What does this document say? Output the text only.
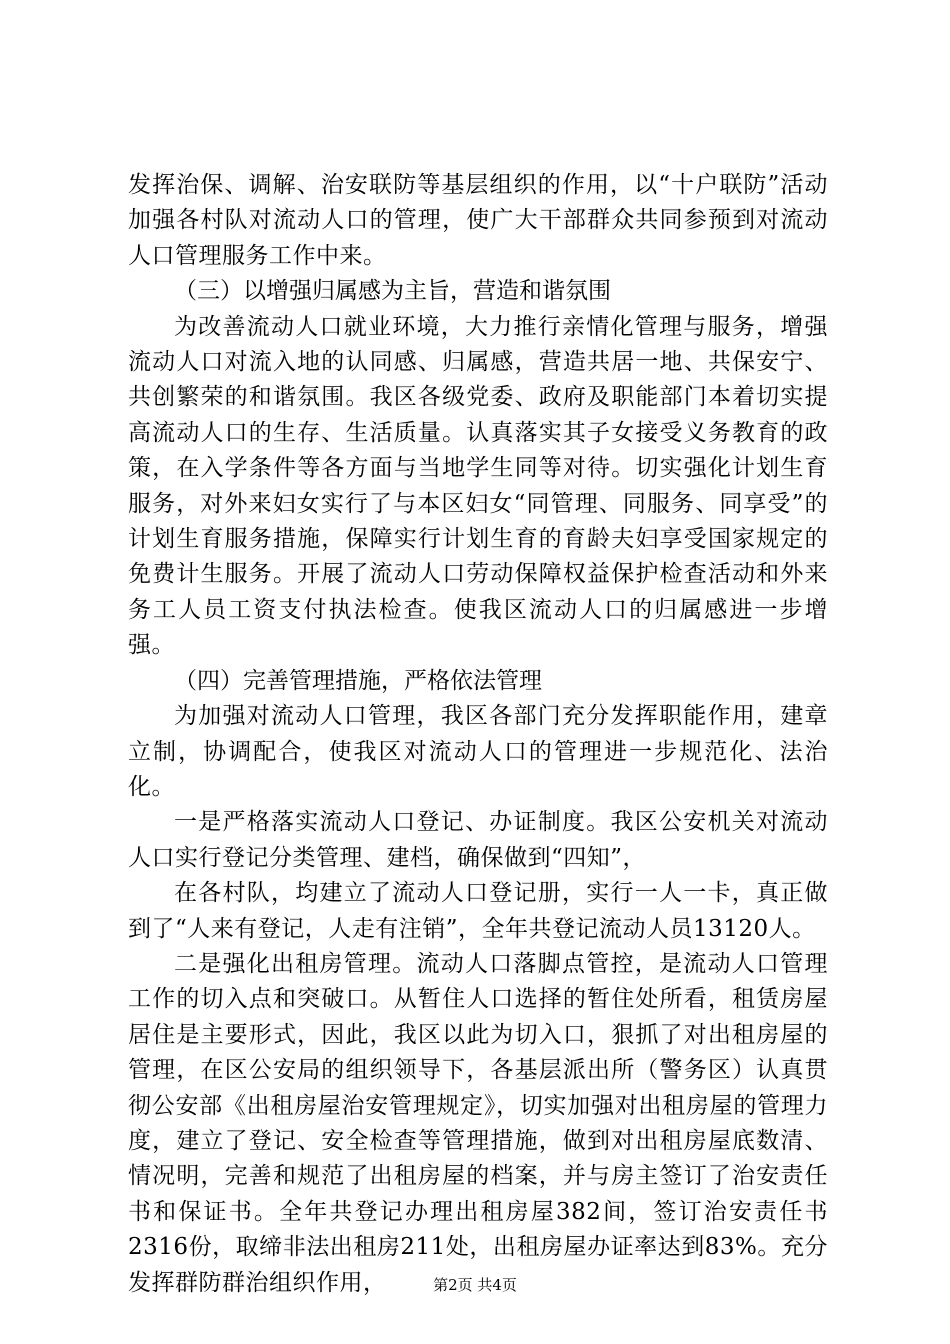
发挥治保、调解、治安联防等基层组织的作用，以“十户联防”活动加强各村队对流动人口的管理，使广大干部群众共同参预到对流动人口管理服务工作中来。

（三）以增强归属感为主旨，营造和谐氛围

为改善流动人口就业环境，大力推行亲情化管理与服务，增强流动人口对流入地的认同感、归属感，营造共居一地、共保安宁、共创繁荣的和谐氛围。我区各级党委、政府及职能部门本着切实提高流动人口的生存、生活质量。认真落实其子女接受义务教育的政策，在入学条件等各方面与当地学生同等对待。切实强化计划生育服务，对外来妇女实行了与本区妇女“同管理、同服务、同享受”的计划生育服务措施，保障实行计划生育的育龄夫妇享受国家规定的免费计生服务。开展了流动人口劳动保障权益保护检查活动和外来务工人员工资支付执法检查。使我区流动人口的归属感进一步增强。

（四）完善管理措施，严格依法管理

为加强对流动人口管理，我区各部门充分发挥职能作用，建章立制，协调配合，使我区对流动人口的管理进一步规范化、法治化。

一是严格落实流动人口登记、办证制度。我区公安机关对流动人口实行登记分类管理、建档，确保做到“四知”，

在各村队，均建立了流动人口登记册，实行一人一卡，真正做到了“人来有登记，人走有注销”，全年共登记流动人员13120人。

二是强化出租房管理。流动人口落脚点管控，是流动人口管理工作的切入点和突破口。从暂住人口选择的暂住处所看，租赁房屋居住是主要形式，因此，我区以此为切入口，狠抓了对出租房屋的管理，在区公安局的组织领导下，各基层派出所（警务区）认真贯彻公安部《出租房屋治安管理规定》，切实加强对出租房屋的管理力度，建立了登记、安全检查等管理措施，做到对出租房屋底数清、情况明，完善和规范了出租房屋的档案，并与房主签订了治安责任书和保证书。全年共登记办理出租房屋382间，签订治安责任书2316份，取缔非法出租房211处，出租房屋办证率达到83%。充分发挥群防群治组织作用，	第2页 共4页
